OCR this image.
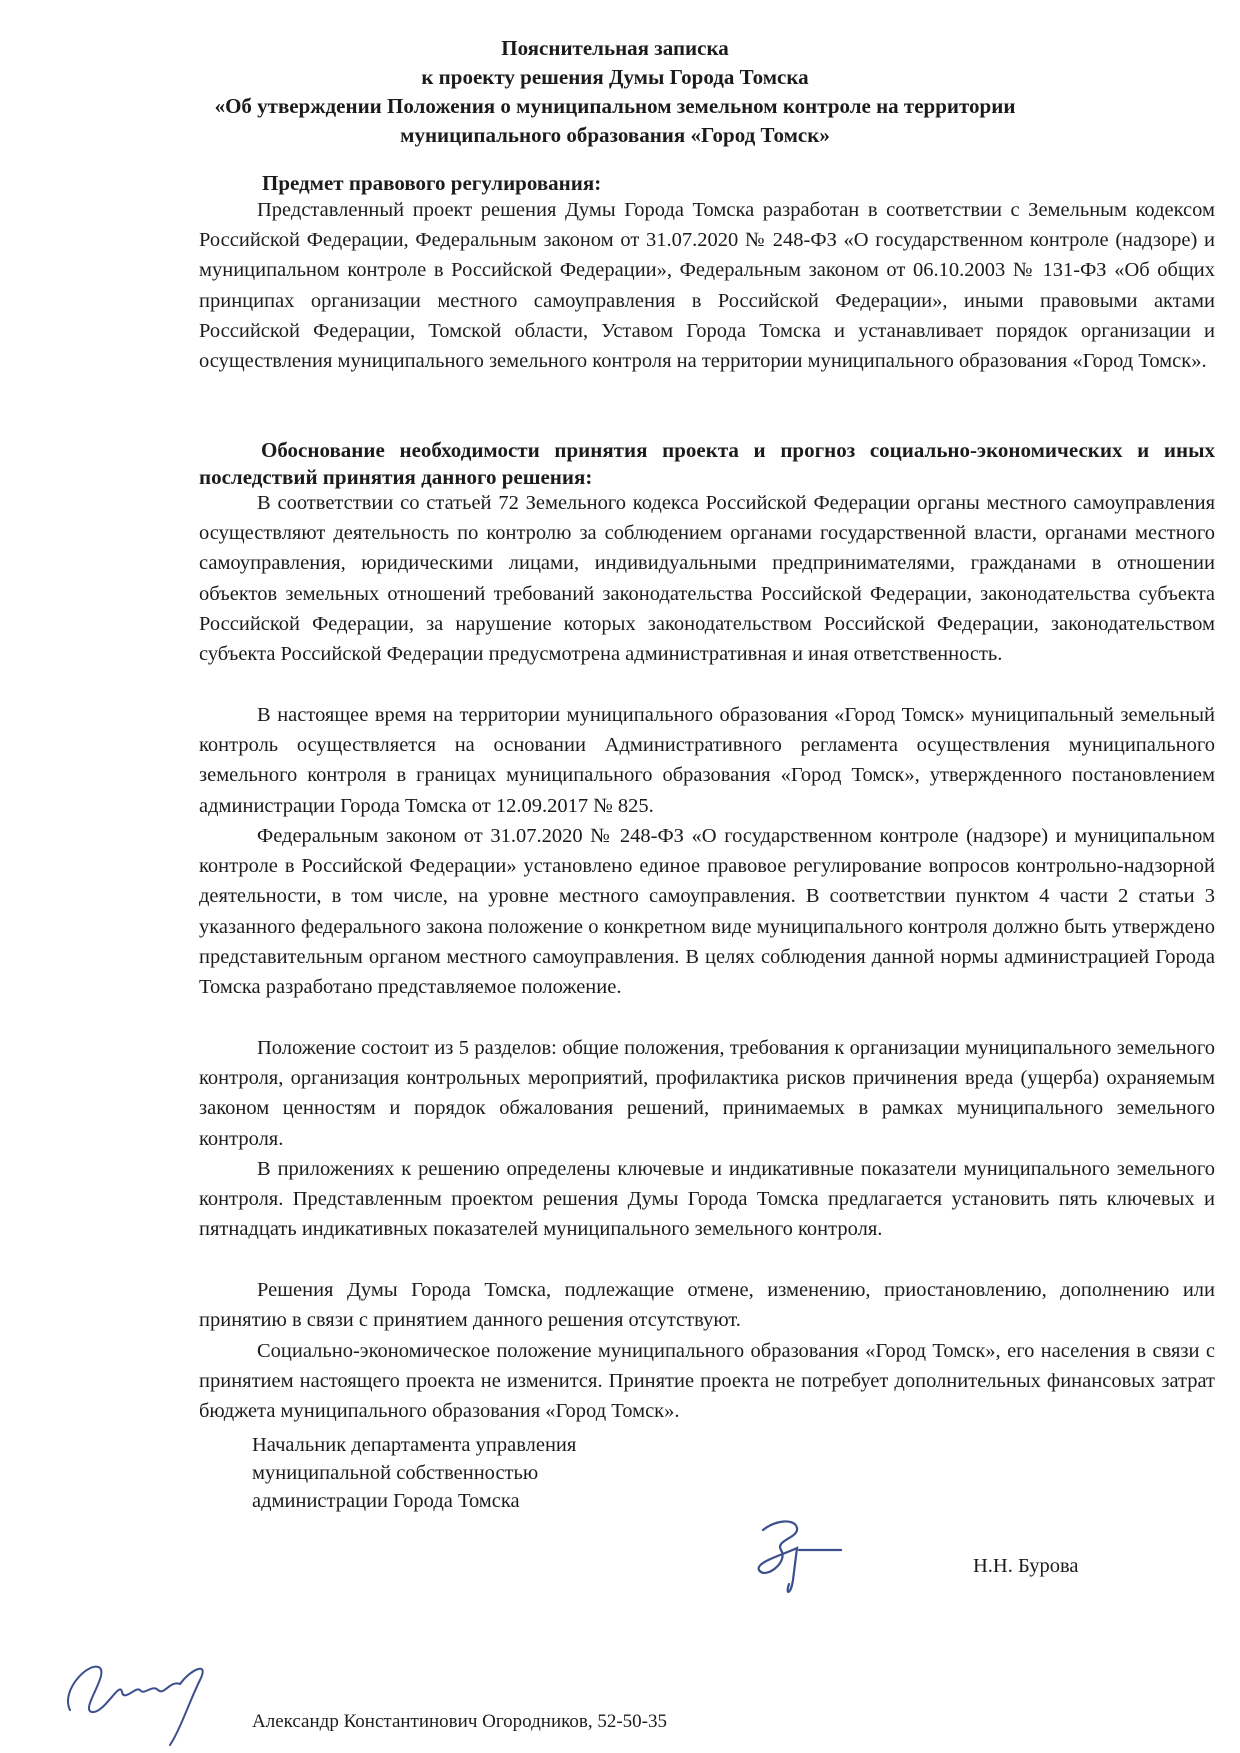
Пояснительная записка
к проекту решения Думы Города Томска
«Об утверждении Положения о муниципальном земельном контроле на территории
муниципального образования «Город Томск»
Предмет правового регулирования:
Представленный проект решения Думы Города Томска разработан в соответствии с Земельным кодексом Российской Федерации, Федеральным законом от 31.07.2020 № 248-ФЗ «О государственном контроле (надзоре) и муниципальном контроле в Российской Федерации», Федеральным законом от 06.10.2003 № 131-ФЗ «Об общих принципах организации местного самоуправления в Российской Федерации», иными правовыми актами Российской Федерации, Томской области, Уставом Города Томска и устанавливает порядок организации и осуществления муниципального земельного контроля на территории муниципального образования «Город Томск».
Обоснование необходимости принятия проекта и прогноз социально-экономических и иных последствий принятия данного решения:
В соответствии со статьей 72 Земельного кодекса Российской Федерации органы местного самоуправления осуществляют деятельность по контролю за соблюдением органами государственной власти, органами местного самоуправления, юридическими лицами, индивидуальными предпринимателями, гражданами в отношении объектов земельных отношений требований законодательства Российской Федерации, законодательства субъекта Российской Федерации, за нарушение которых законодательством Российской Федерации, законодательством субъекта Российской Федерации предусмотрена административная и иная ответственность.
В настоящее время на территории муниципального образования «Город Томск» муниципальный земельный контроль осуществляется на основании Административного регламента осуществления муниципального земельного контроля в границах муниципального образования «Город Томск», утвержденного постановлением администрации Города Томска от 12.09.2017 № 825.
Федеральным законом от 31.07.2020 № 248-ФЗ «О государственном контроле (надзоре) и муниципальном контроле в Российской Федерации» установлено единое правовое регулирование вопросов контрольно-надзорной деятельности, в том числе, на уровне местного самоуправления. В соответствии пунктом 4 части 2 статьи 3 указанного федерального закона положение о конкретном виде муниципального контроля должно быть утверждено представительным органом местного самоуправления. В целях соблюдения данной нормы администрацией Города Томска разработано представляемое положение.
Положение состоит из 5 разделов: общие положения, требования к организации муниципального земельного контроля, организация контрольных мероприятий, профилактика рисков причинения вреда (ущерба) охраняемым законом ценностям и порядок обжалования решений, принимаемых в рамках муниципального земельного контроля.
В приложениях к решению определены ключевые и индикативные показатели муниципального земельного контроля. Представленным проектом решения Думы Города Томска предлагается установить пять ключевых и пятнадцать индикативных показателей муниципального земельного контроля.
Решения Думы Города Томска, подлежащие отмене, изменению, приостановлению, дополнению или принятию в связи с принятием данного решения отсутствуют.
Социально-экономическое положение муниципального образования «Город Томск», его населения в связи с принятием настоящего проекта не изменится. Принятие проекта не потребует дополнительных финансовых затрат бюджета муниципального образования «Город Томск».
Начальник департамента управления
муниципальной собственностью
администрации Города Томска
Н.Н. Бурова
Александр Константинович Огородников, 52-50-35
